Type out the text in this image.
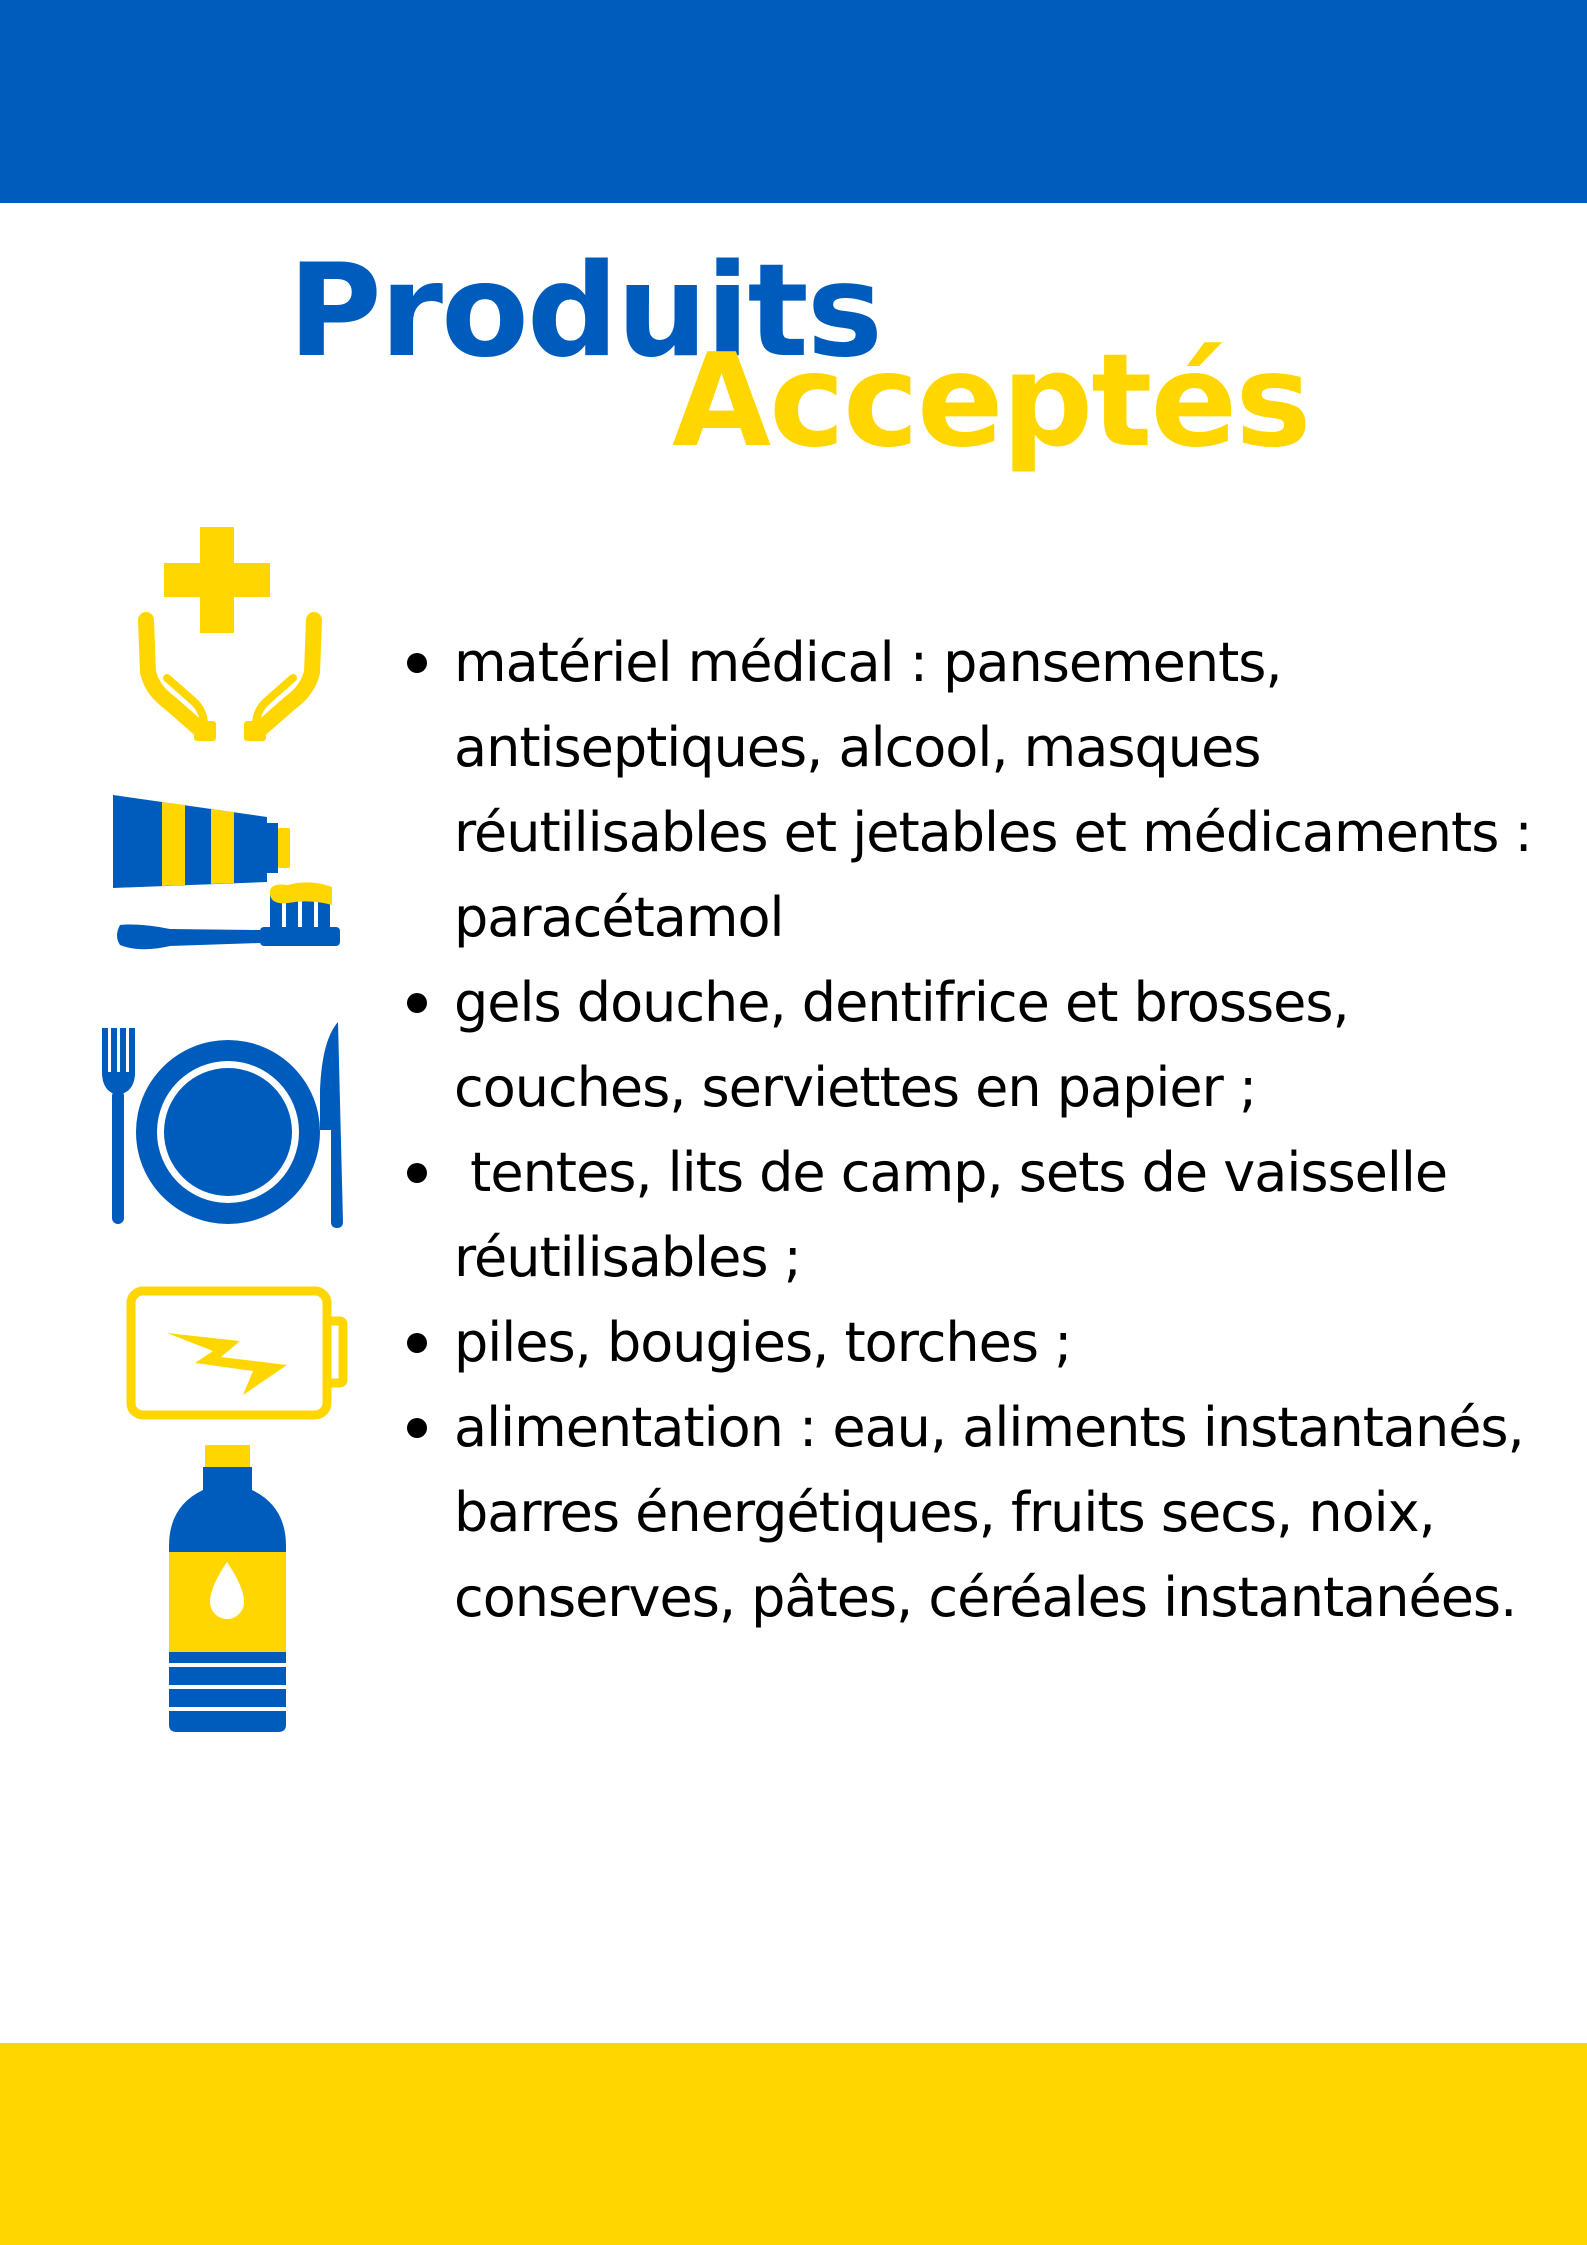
Produits
Acceptés
matériel médical : pansements, antiseptiques, alcool, masques réutilisables et jetables et médicaments : paracétamol
gels douche, dentifrice et brosses, couches, serviettes en papier ;
tentes, lits de camp, sets de vaisselle réutilisables ;
piles, bougies, torches ;
alimentation : eau, aliments instantanés, barres énergétiques, fruits secs, noix, conserves, pâtes, céréales instantanées.
